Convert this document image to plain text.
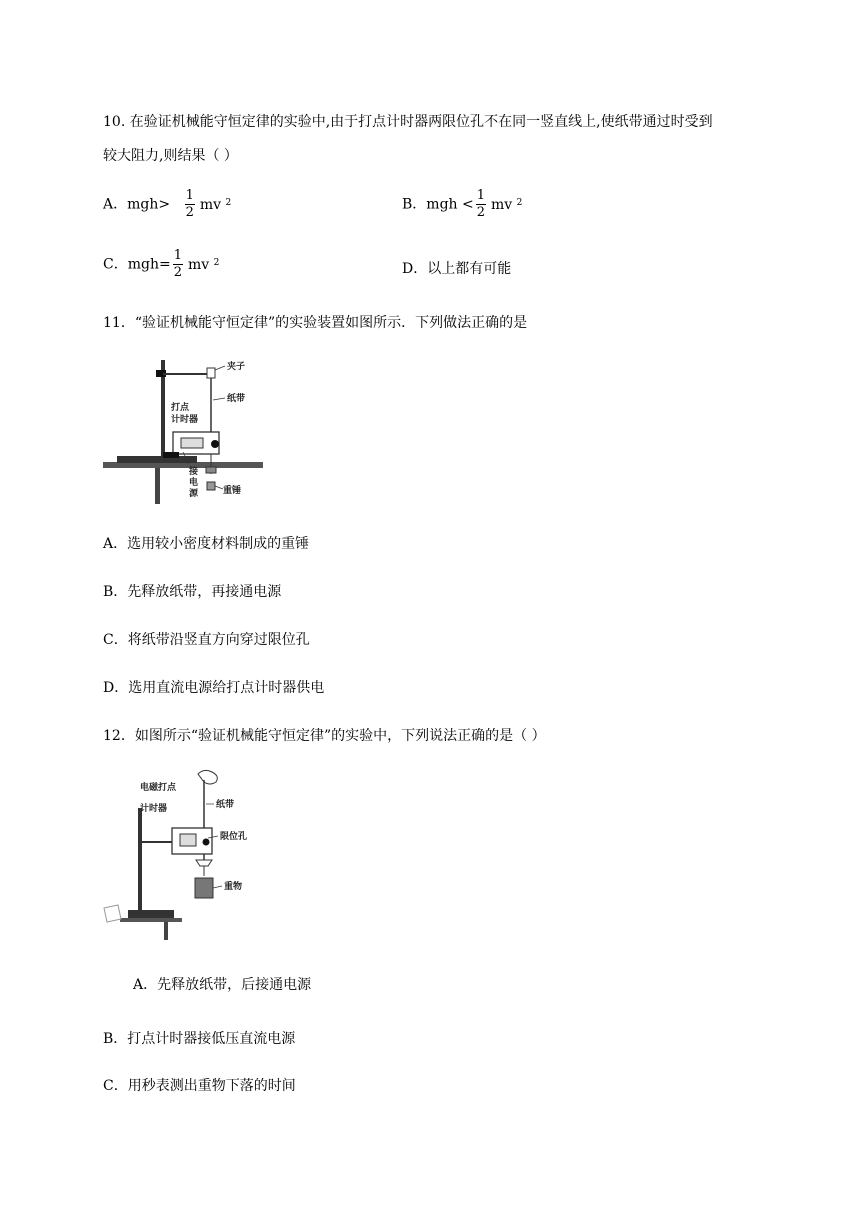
10. 在验证机械能守恒定律的实验中,由于打点计时器两限位孔不在同一竖直线上,使纸带通过时受到
较大阻力,则结果（ ）
A．$mgh> \frac{1}{2}$ mv $^2$	B．mgh < $\frac{1}{2}$ mv $^2$
C．$mgh= \frac{1}{2}$ mv $^2$	D．以上都有可能
11．“验证机械能守恒定律”的实验装置如图所示．下列做法正确的是
夹子
纸带
打点
计时器
接
电
源	重锤
A．选用较小密度材料制成的重锤
B．先释放纸带，再接通电源
C．将纸带沿竖直方向穿过限位孔
D．选用直流电源给打点计时器供电
12．如图所示“验证机械能守恒定律”的实验中，下列说法正确的是（ ）
电磁打点
计时器	纸带
限位孔
重物
A．先释放纸带，后接通电源
B．打点计时器接低压直流电源
C．用秒表测出重物下落的时间
